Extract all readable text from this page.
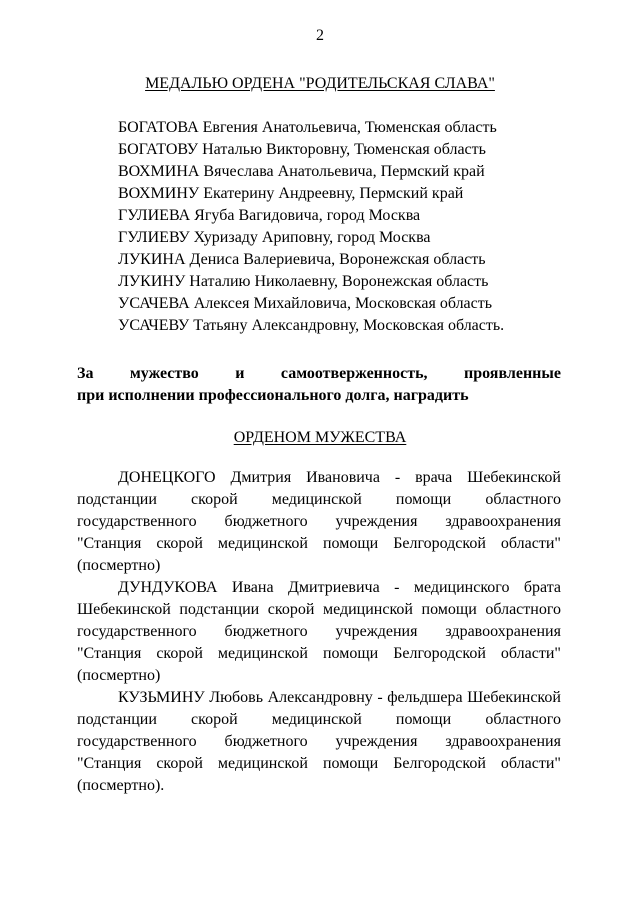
2
МЕДАЛЬЮ ОРДЕНА "РОДИТЕЛЬСКАЯ СЛАВА"
БОГАТОВА Евгения Анатольевича, Тюменская область
БОГАТОВУ Наталью Викторовну, Тюменская область
ВОХМИНА Вячеслава Анатольевича, Пермский край
ВОХМИНУ Екатерину Андреевну, Пермский край
ГУЛИЕВА Ягуба Вагидовича, город Москва
ГУЛИЕВУ Хуризаду Ариповну, город Москва
ЛУКИНА Дениса Валериевича, Воронежская область
ЛУКИНУ Наталию Николаевну, Воронежская область
УСАЧЕВА Алексея Михайловича, Московская область
УСАЧЕВУ Татьяну Александровну, Московская область.
За мужество и самоотверженность, проявленные
при исполнении профессионального долга, наградить
ОРДЕНОМ МУЖЕСТВА
ДОНЕЦКОГО Дмитрия Ивановича - врача Шебекинской
подстанции скорой медицинской помощи областного
государственного бюджетного учреждения здравоохранения
"Станция скорой медицинской помощи Белгородской области"
(посмертно)
ДУНДУКОВА Ивана Дмитриевича - медицинского брата
Шебекинской подстанции скорой медицинской помощи областного
государственного бюджетного учреждения здравоохранения
"Станция скорой медицинской помощи Белгородской области"
(посмертно)
КУЗЬМИНУ Любовь Александровну - фельдшера Шебекинской
подстанции скорой медицинской помощи областного
государственного бюджетного учреждения здравоохранения
"Станция скорой медицинской помощи Белгородской области"
(посмертно).
